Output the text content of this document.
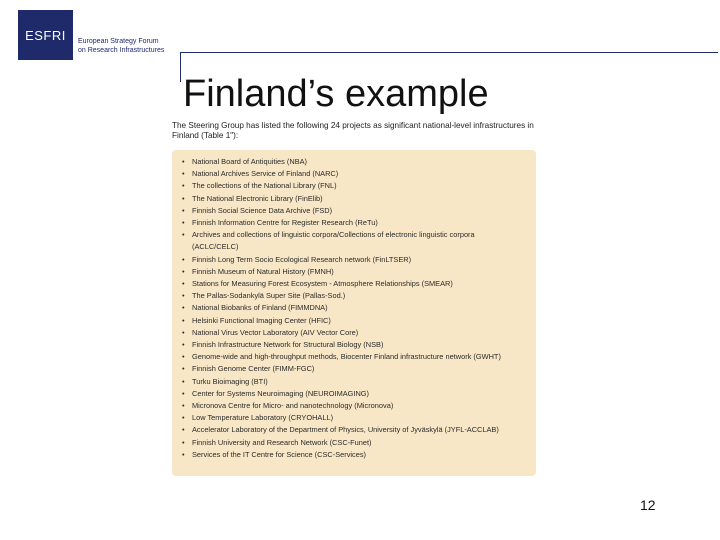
ESFRI European Strategy Forum
on Research Infrastructures
Finland’s example
The Steering Group has listed the following 24 projects as significant national-level infrastructures in Finland (Table 1"):
• National Board of Antiquities (NBA)
• National Archives Service of Finland (NARC)
• The collections of the National Library (FNL)
• The National Electronic Library (FinElib)
• Finnish Social Science Data Archive (FSD)
• Finnish Information Centre for Register Research (ReTu)
• Archives and collections of linguistic corpora/Collections of electronic linguistic corpora
(ACLC/CELC)
• Finnish Long Term Socio Ecological Research network (FinLTSER)
• Finnish Museum of Natural History (FMNH)
• Stations for Measuring Forest Ecosystem - Atmosphere Relationships (SMEAR)
• The Pallas-Sodankylä Super Site (Pallas-Sod.)
• National Biobanks of Finland (FIMMDNA)
• Helsinki Functional Imaging Center (HFIC)
• National Virus Vector Laboratory (AIV Vector Core)
• Finnish Infrastructure Network for Structural Biology (NSB)
• Genome-wide and high-throughput methods, Biocenter Finland infrastructure network (GWHT)
• Finnish Genome Center (FIMM-FGC)
• Turku Bioimaging (BTI)
• Center for Systems Neuroimaging (NEUROIMAGING)
• Micronova Centre for Micro- and nanotechnology (Micronova)
• Low Temperature Laboratory (CRYOHALL)
• Accelerator Laboratory of the Department of Physics, University of Jyväskylä (JYFL-ACCLAB)
• Finnish University and Research Network (CSC-Funet)
• Services of the IT Centre for Science (CSC-Services)
12
